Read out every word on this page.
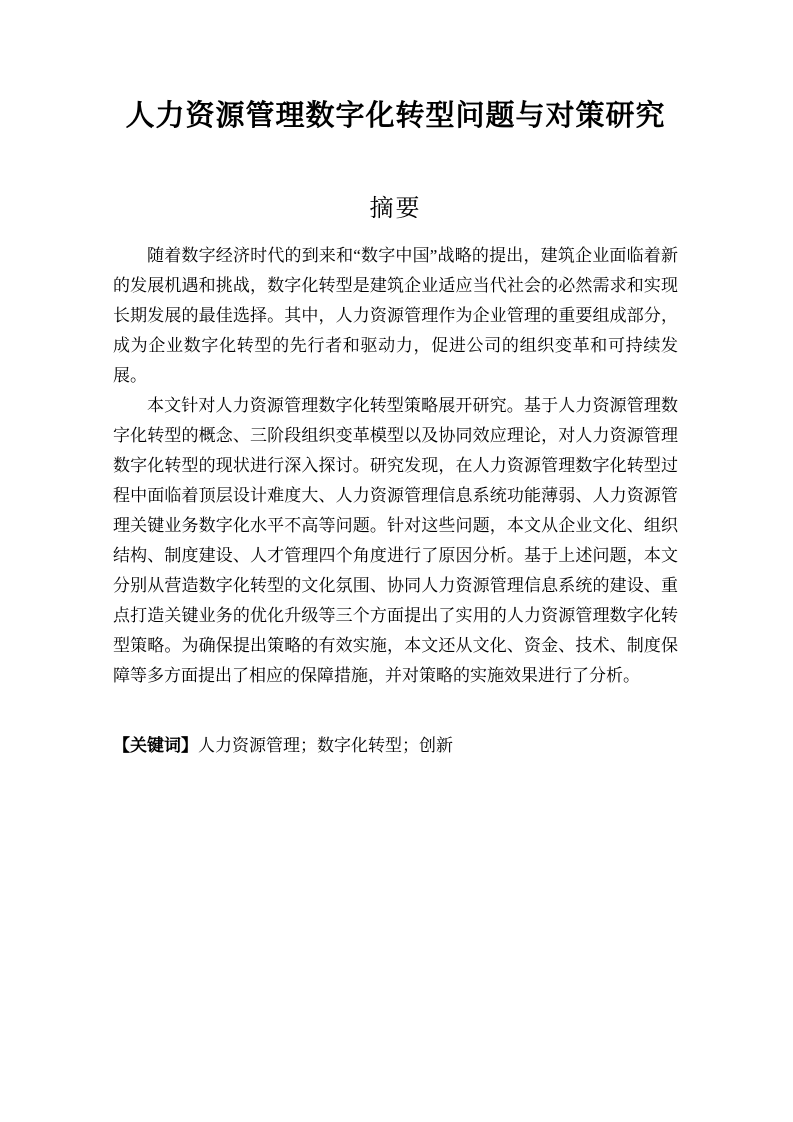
人力资源管理数字化转型问题与对策研究
摘要

随着数字经济时代的到来和“数字中国”战略的提出，建筑企业面临着新的发展机遇和挑战，数字化转型是建筑企业适应当代社会的必然需求和实现长期发展的最佳选择。其中，人力资源管理作为企业管理的重要组成部分，成为企业数字化转型的先行者和驱动力，促进公司的组织变革和可持续发展。

本文针对人力资源管理数字化转型策略展开研究。基于人力资源管理数字化转型的概念、三阶段组织变革模型以及协同效应理论，对人力资源管理数字化转型的现状进行深入探讨。研究发现，在人力资源管理数字化转型过程中面临着顶层设计难度大、人力资源管理信息系统功能薄弱、人力资源管理关键业务数字化水平不高等问题。针对这些问题，本文从企业文化、组织结构、制度建设、人才管理四个角度进行了原因分析。基于上述问题，本文分别从营造数字化转型的文化氛围、协同人力资源管理信息系统的建设、重点打造关键业务的优化升级等三个方面提出了实用的人力资源管理数字化转型策略。为确保提出策略的有效实施，本文还从文化、资金、技术、制度保障等多方面提出了相应的保障措施，并对策略的实施效果进行了分析。

【关键词】人力资源管理；数字化转型；创新
